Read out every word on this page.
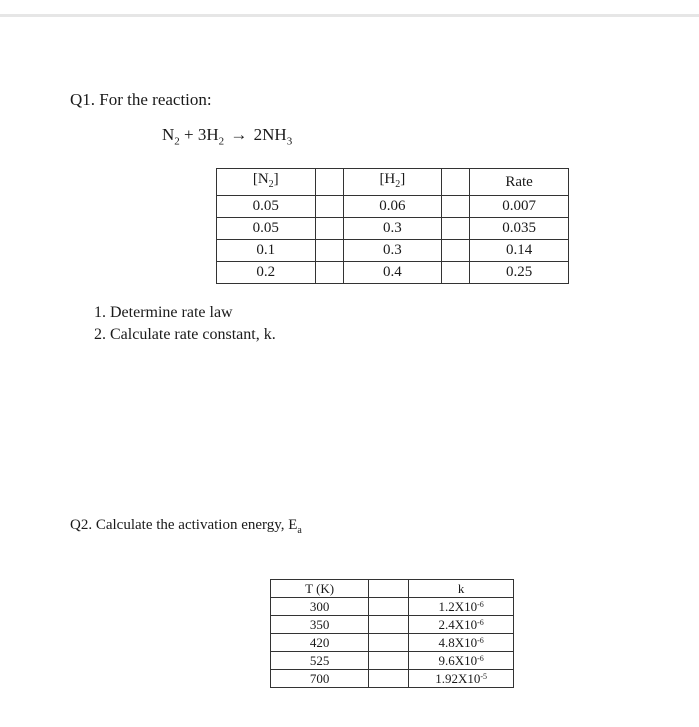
Q1. For the reaction:
$N_2 + 3H_2 \to 2NH_3$
$[N_2]$		$[H_2]$		Rate
0.05		0.06		0.007
0.05		0.3		0.035
0.1		0.3		0.14
0.2		0.4		0.25
1. Determine rate law
2. Calculate rate constant, k.
Q2. Calculate the activation energy, $E_a$
T (K)		k
300		$1.2X10^{-6}$
350		$2.4X10^{-6}$
420		$4.8X10^{-6}$
525		$9.6X10^{-6}$
700		$1.92X10^{-5}$
